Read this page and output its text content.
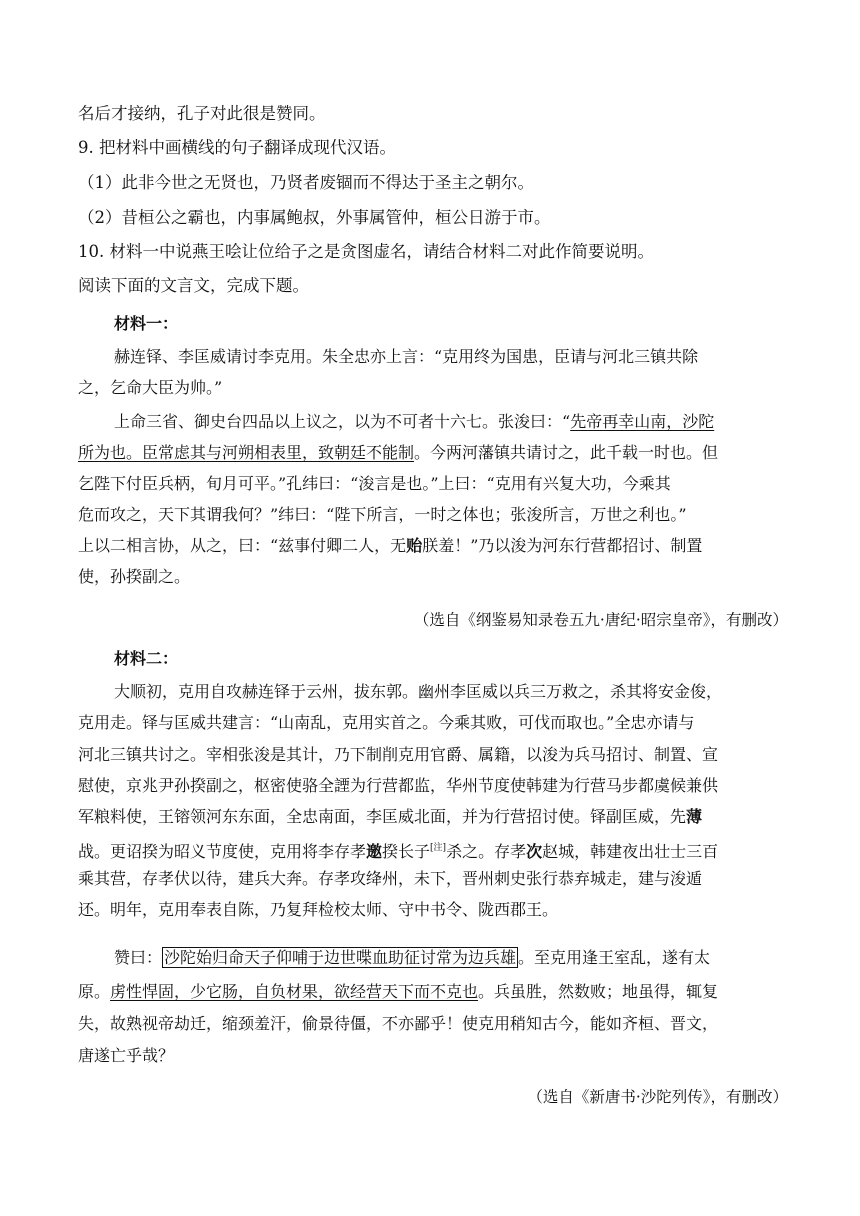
名后才接纳，孔子对此很是赞同。
9. 把材料中画横线的句子翻译成现代汉语。
（1）此非今世之无贤也，乃贤者废锢而不得达于圣主之朝尔。
（2）昔桓公之霸也，内事属鲍叔，外事属管仲，桓公日游于市。
10. 材料一中说燕王哙让位给子之是贪图虚名，请结合材料二对此作简要说明。
阅读下面的文言文，完成下题。
材料一：
赫连铎、李匡威请讨李克用。朱全忠亦上言：“克用终为国患，臣请与河北三镇共除
之，乞命大臣为帅。”
上命三省、御史台四品以上议之，以为不可者十六七。张浚曰：“先帝再幸山南，沙陀
所为也。臣常虑其与河朔相表里，致朝廷不能制。今两河藩镇共请讨之，此千载一时也。但
乞陛下付臣兵柄，旬月可平。”孔纬曰：“浚言是也。”上曰：“克用有兴复大功，今乘其
危而攻之，天下其谓我何？”纬曰：“陛下所言，一时之体也；张浚所言，万世之利也。”
上以二相言协，从之，曰：“兹事付卿二人，无贻朕羞！”乃以浚为河东行营都招讨、制置
使，孙揆副之。
（选自《纲鉴易知录卷五九·唐纪·昭宗皇帝》，有删改）
材料二：
大顺初，克用自攻赫连铎于云州，拔东郭。幽州李匡威以兵三万救之，杀其将安金俊，
克用走。铎与匡威共建言：“山南乱，克用实首之。今乘其败，可伐而取也。”全忠亦请与
河北三镇共讨之。宰相张浚是其计，乃下制削克用官爵、属籍，以浚为兵马招讨、制置、宣
慰使，京兆尹孙揆副之，枢密使骆全諲为行营都监，华州节度使韩建为行营马步都虞候兼供
军粮料使，王镕领河东东面，全忠南面，李匡威北面，并为行营招讨使。铎副匡威，先薄
战。更诏揆为昭义节度使，克用将李存孝邀揆长子[注]杀之。存孝次赵城，韩建夜出壮士三百
乘其营，存孝伏以待，建兵大奔。存孝攻绛州，未下，晋州刺史张行恭弃城走，建与浚遁
还。明年，克用奉表自陈，乃复拜检校太师、守中书令、陇西郡王。
赞曰： 沙陀始归命天子仰哺于边世喋血助征讨常为边兵雄 。至克用逢王室乱，遂有太
原。虏性悍固，少它肠，自负材果，欲经营天下而不克也。兵虽胜，然数败；地虽得，辄复
失，故熟视帝劫迁，缩颈羞汗，偷景待僵，不亦鄙乎！使克用稍知古今，能如齐桓、晋文，
唐遂亡乎哉？
（选自《新唐书·沙陀列传》，有删改）
